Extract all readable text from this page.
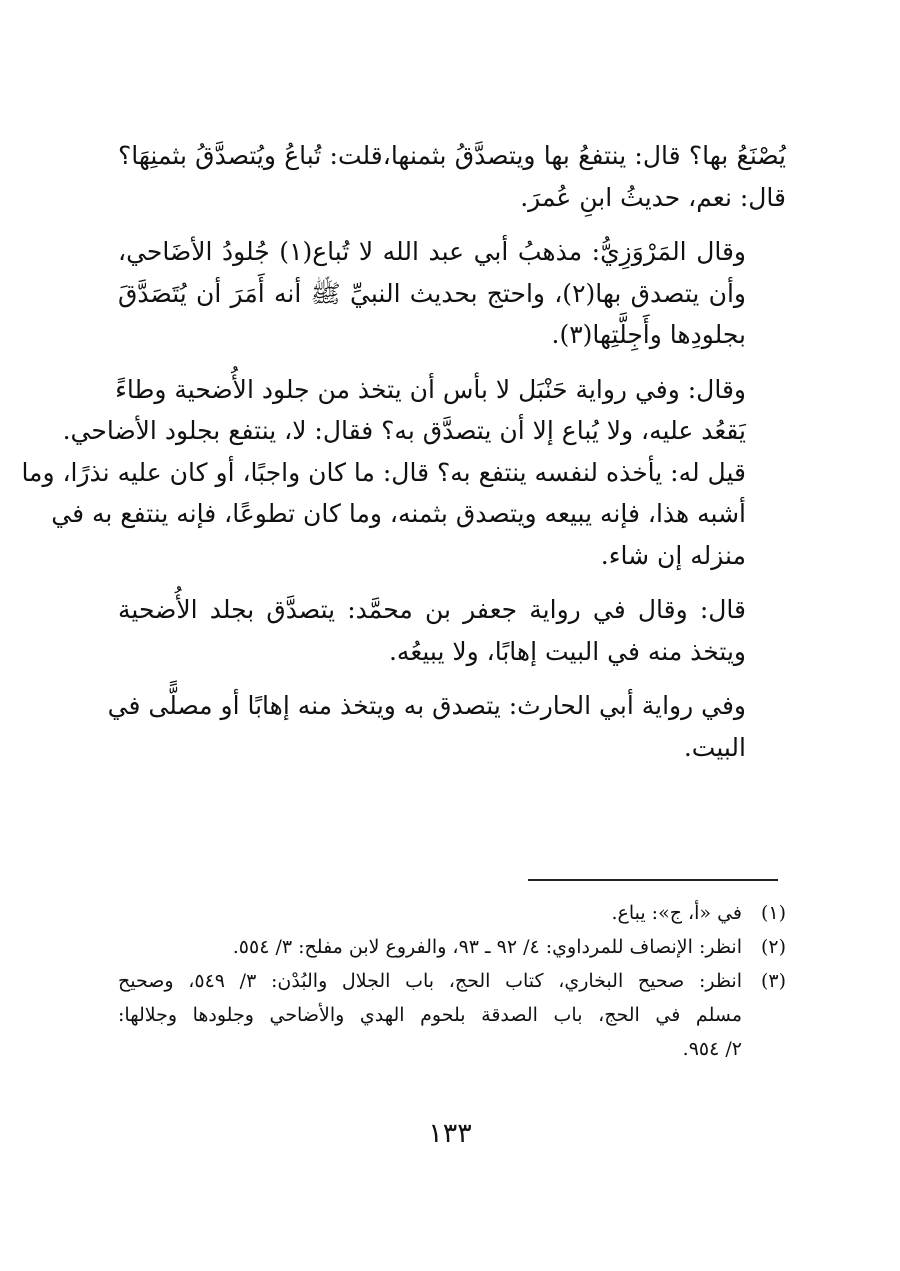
يُصْنَعُ بها؟ قال: ينتفعُ بها ويتصدَّقُ بثمنها،قلت: تُباعُ ويُتصدَّقُ بثمنِهَا؟
قال: نعم، حديثُ ابنِ عُمرَ.

وقال المَرْوَزِيُّ: مذهبُ أبي عبد الله لا تُباع(١) جُلودُ الأضَاحي،
وأن يتصدق بها(٢)، واحتج بحديث النبيِّ ﷺ أنه أَمَرَ أن يُتَصَدَّقَ
بجلودِها وأَجِلَّتِها(٣).

وقال: وفي رواية حَنْبَل لا بأس أن يتخذ من جلود الأُضحية وطاءً
يَقعُد عليه، ولا يُباع إلا أن يتصدَّق به؟ فقال: لا، ينتفع بجلود الأضاحي.
قيل له: يأخذه لنفسه ينتفع به؟ قال: ما كان واجبًا، أو كان عليه نذرًا، وما
أشبه هذا، فإنه يبيعه ويتصدق بثمنه، وما كان تطوعًا، فإنه ينتفع به في
منزله إن شاء.

قال: وقال في رواية جعفر بن محمَّد: يتصدَّق بجلد الأُضحية
ويتخذ منه في البيت إهابًا، ولا يبيعُه.

وفي رواية أبي الحارث: يتصدق به ويتخذ منه إهابًا أو مصلًّى في
البيت.

(١)
في «أ، ج»: يباع.
(٢)
انظر: الإنصاف للمرداوي: ٤/ ٩٢ ـ ٩٣، والفروع لابن مفلح: ٣/ ٥٥٤.
(٣)
انظر: صحيح البخاري، كتاب الحج، باب الجلال والبُدْن: ٣/ ٥٤٩، وصحيح
مسلم في الحج، باب الصدقة بلحوم الهدي والأضاحي وجلودها وجلالها:
٢/ ٩٥٤.
١٣٣
